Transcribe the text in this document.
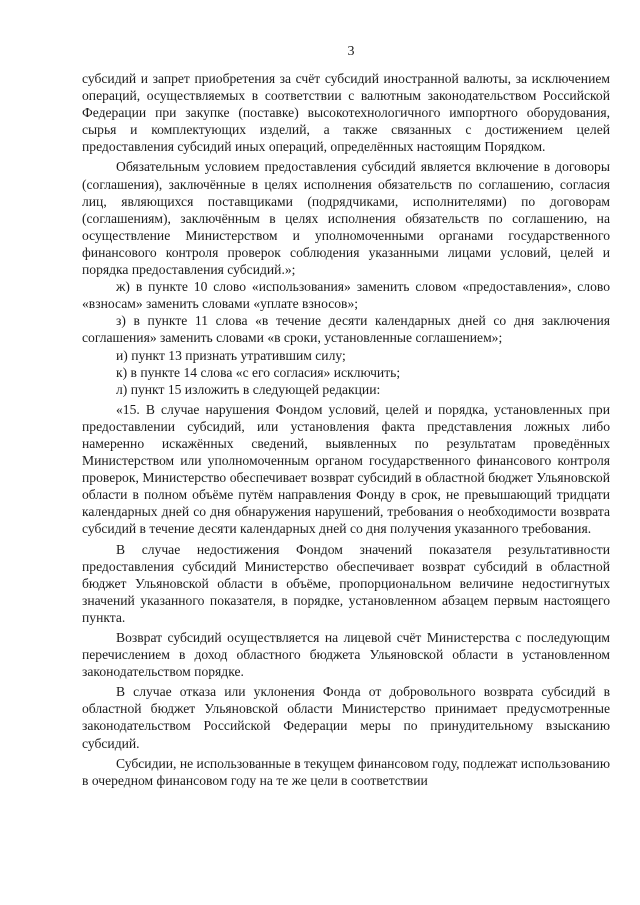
3

субсидий и запрет приобретения за счёт субсидий иностранной валюты, за исключением операций, осуществляемых в соответствии с валютным законодательством Российской Федерации при закупке (поставке) высокотехнологичного импортного оборудования, сырья и комплектующих изделий, а также связанных с достижением целей предоставления субсидий иных операций, определённых настоящим Порядком.

Обязательным условием предоставления субсидий является включение в договоры (соглашения), заключённые в целях исполнения обязательств по соглашению, согласия лиц, являющихся поставщиками (подрядчиками, исполнителями) по договорам (соглашениям), заключённым в целях исполнения обязательств по соглашению, на осуществление Министерством и уполномоченными органами государственного финансового контроля проверок соблюдения указанными лицами условий, целей и порядка предоставления субсидий.»;

ж) в пункте 10 слово «использования» заменить словом «предоставления», слово «взносам» заменить словами «уплате взносов»;

з) в пункте 11 слова «в течение десяти календарных дней со дня заключения соглашения» заменить словами «в сроки, установленные соглашением»;

и) пункт 13 признать утратившим силу;

к) в пункте 14 слова «с его согласия» исключить;

л) пункт 15 изложить в следующей редакции:

«15. В случае нарушения Фондом условий, целей и порядка, установленных при предоставлении субсидий, или установления факта представления ложных либо намеренно искажённых сведений, выявленных по результатам проведённых Министерством или уполномоченным органом государственного финансового контроля проверок, Министерство обеспечивает возврат субсидий в областной бюджет Ульяновской области в полном объёме путём направления Фонду в срок, не превышающий тридцати календарных дней со дня обнаружения нарушений, требования о необходимости возврата субсидий в течение десяти календарных дней со дня получения указанного требования.

В случае недостижения Фондом значений показателя результативности предоставления субсидий Министерство обеспечивает возврат субсидий в областной бюджет Ульяновской области в объёме, пропорциональном величине недостигнутых значений указанного показателя, в порядке, установленном абзацем первым настоящего пункта.

Возврат субсидий осуществляется на лицевой счёт Министерства с последующим перечислением в доход областного бюджета Ульяновской области в установленном законодательством порядке.

В случае отказа или уклонения Фонда от добровольного возврата субсидий в областной бюджет Ульяновской области Министерство принимает предусмотренные законодательством Российской Федерации меры по принудительному взысканию субсидий.

Субсидии, не использованные в текущем финансовом году, подлежат использованию в очередном финансовом году на те же цели в соответствии
